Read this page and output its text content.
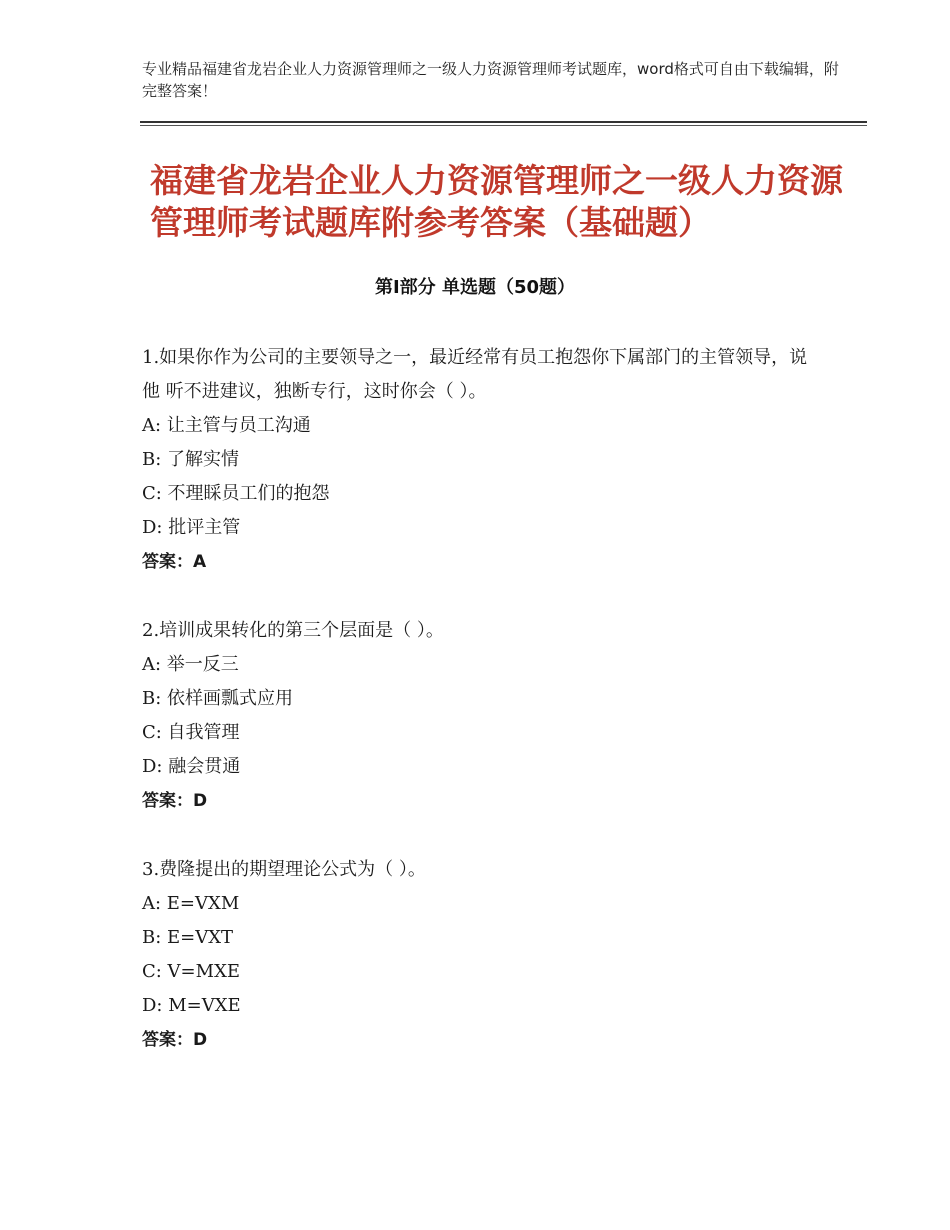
专业精品福建省龙岩企业人力资源管理师之一级人力资源管理师考试题库，word格式可自由下载编辑，附完整答案！
福建省龙岩企业人力资源管理师之一级人力资源管理师考试题库附参考答案（基础题）
第Ⅰ部分 单选题（50题）

1.如果你作为公司的主要领导之一，最近经常有员工抱怨你下属部门的主管领导，说他 听不进建议，独断专行，这时你会（ ）。

A: 让主管与员工沟通

B: 了解实情

C: 不理睬员工们的抱怨

D: 批评主管

答案：A

2.培训成果转化的第三个层面是（ ）。

A: 举一反三

B: 依样画瓢式应用

C: 自我管理

D: 融会贯通

答案：D

3.费隆提出的期望理论公式为（ ）。

A: E=VXM

B: E=VXT

C: V=MXE

D: M=VXE

答案：D
